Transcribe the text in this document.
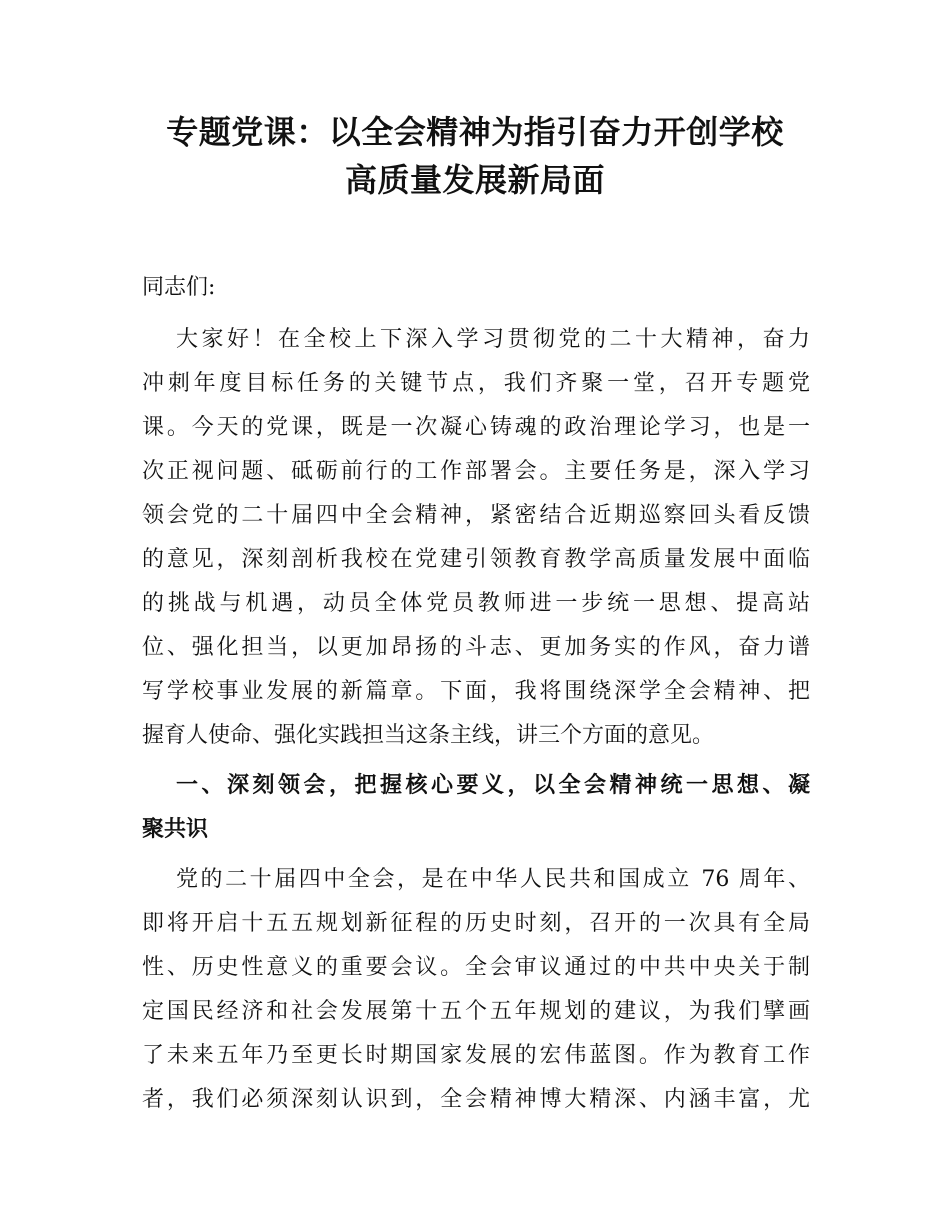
专题党课：以全会精神为指引奋力开创学校
高质量发展新局面

同志们:

大家好！在全校上下深入学习贯彻党的二十大精神，奋力
冲刺年度目标任务的关键节点，我们齐聚一堂，召开专题党
课。今天的党课，既是一次凝心铸魂的政治理论学习，也是一
次正视问题、砥砺前行的工作部署会。主要任务是，深入学习
领会党的二十届四中全会精神，紧密结合近期巡察回头看反馈
的意见，深刻剖析我校在党建引领教育教学高质量发展中面临
的挑战与机遇，动员全体党员教师进一步统一思想、提高站
位、强化担当，以更加昂扬的斗志、更加务实的作风，奋力谱
写学校事业发展的新篇章。下面，我将围绕深学全会精神、把
握育人使命、强化实践担当这条主线，讲三个方面的意见。

一、深刻领会，把握核心要义，以全会精神统一思想、凝
聚共识

党的二十届四中全会，是在中华人民共和国成立 76 周年、
即将开启十五五规划新征程的历史时刻，召开的一次具有全局
性、历史性意义的重要会议。全会审议通过的中共中央关于制
定国民经济和社会发展第十五个五年规划的建议，为我们擘画
了未来五年乃至更长时期国家发展的宏伟蓝图。作为教育工作
者，我们必须深刻认识到，全会精神博大精深、内涵丰富，尤
